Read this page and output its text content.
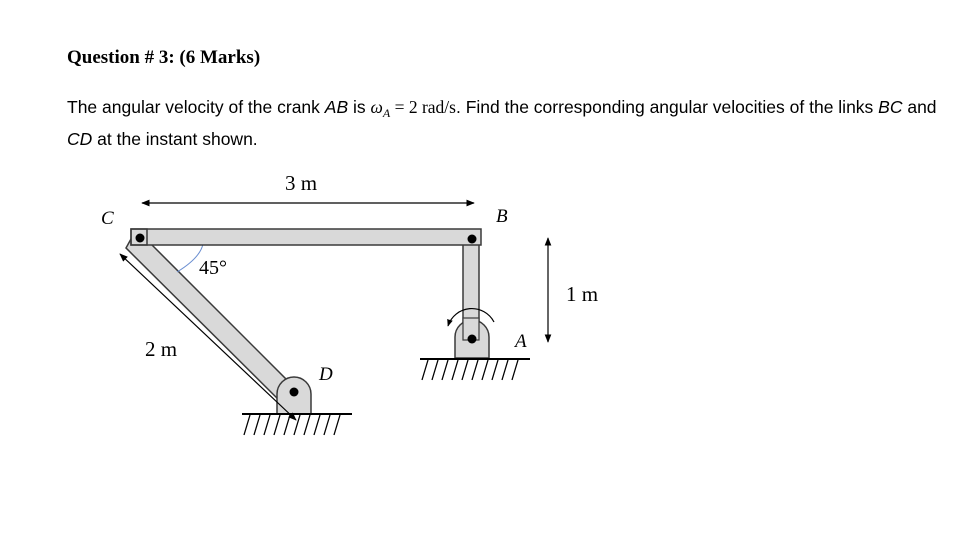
Question # 3: (6 Marks)
The angular velocity of the crank AB is $\omega_A = 2$ rad/s. Find the corresponding angular velocities of the links BC and CD at the instant shown.
C	B
A
D
3 m
1 m
2 m
45°
